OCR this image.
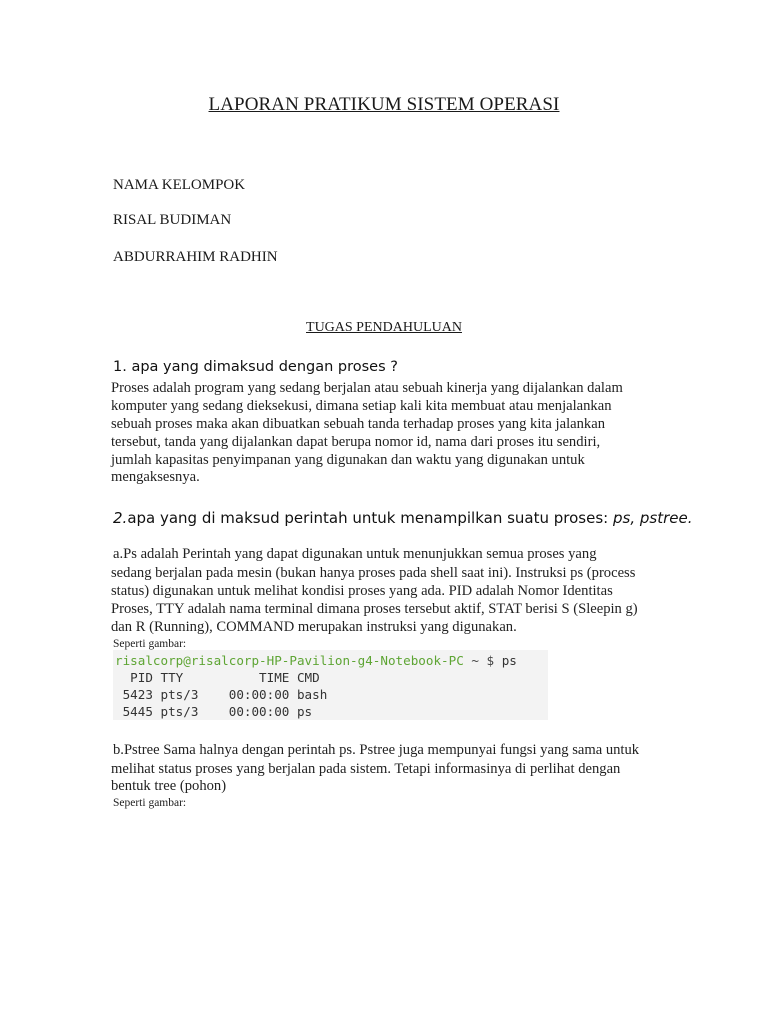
LAPORAN PRATIKUM SISTEM OPERASI
NAMA KELOMPOK
RISAL BUDIMAN
ABDURRAHIM RADHIN
TUGAS PENDAHULUAN
1. apa yang dimaksud dengan proses ?
Proses adalah program yang sedang berjalan atau sebuah kinerja yang dijalankan dalam
komputer yang sedang dieksekusi, dimana setiap kali kita membuat atau menjalankan
sebuah proses maka akan dibuatkan sebuah tanda terhadap proses yang kita jalankan
tersebut, tanda yang dijalankan dapat berupa nomor id, nama dari proses itu sendiri,
jumlah kapasitas penyimpanan yang digunakan dan waktu yang digunakan untuk
mengaksesnya.
2.apa yang di maksud perintah untuk menampilkan suatu proses: ps, pstree.
a.Ps adalah Perintah yang dapat digunakan untuk menunjukkan semua proses yang
sedang berjalan pada mesin (bukan hanya proses pada shell saat ini). Instruksi ps (process
status) digunakan untuk melihat kondisi proses yang ada. PID adalah Nomor Identitas
Proses, TTY adalah nama terminal dimana proses tersebut aktif, STAT berisi S (Sleepin g)
dan R (Running), COMMAND merupakan instruksi yang digunakan.
Seperti gambar:
risalcorp@risalcorp-HP-Pavilion-g4-Notebook-PC ~ $ ps
PID TTY          TIME CMD
5423 pts/3    00:00:00 bash
5445 pts/3    00:00:00 ps
b.Pstree Sama halnya dengan perintah ps. Pstree juga mempunyai fungsi yang sama untuk
melihat status proses yang berjalan pada sistem. Tetapi informasinya di perlihat dengan
bentuk tree (pohon)
Seperti gambar:
